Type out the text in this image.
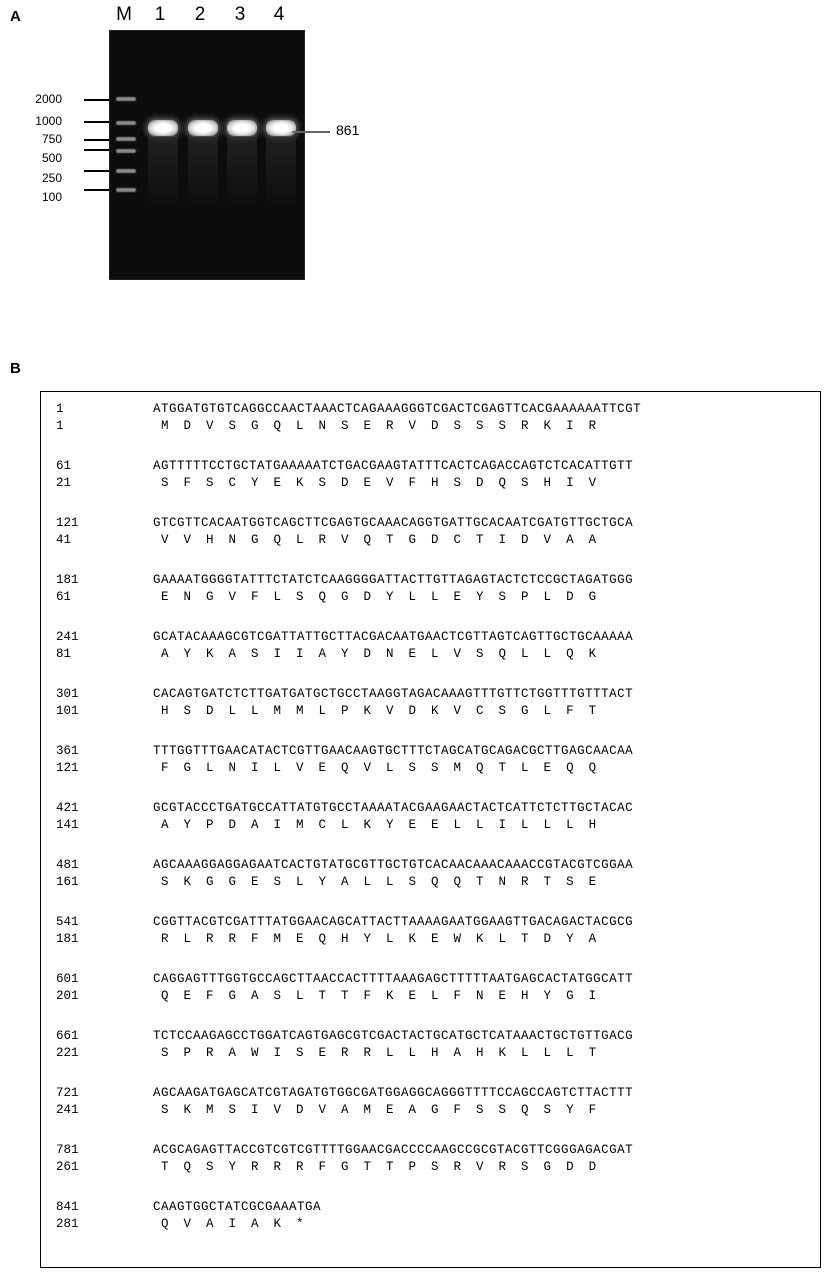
A	M	1	2	3	4
2000
1000
750
500
250
100
861
B
1	ATGGATGTGTCAGGCCAACTAAACTCAGAAAGGGTCGACTCGAGTTCACGAAAAAATTCGT
1	M  D  V  S  G  Q  L  N  S  E  R  V  D  S  S  S  R  K  I  R
61	AGTTTTTCCTGCTATGAAAAATCTGACGAAGTATTTCACTCAGACCAGTCTCACATTGTT
21	S  F  S  C  Y  E  K  S  D  E  V  F  H  S  D  Q  S  H  I  V
121	GTCGTTCACAATGGTCAGCTTCGAGTGCAAACAGGTGATTGCACAATCGATGTTGCTGCA
41	V  V  H  N  G  Q  L  R  V  Q  T  G  D  C  T  I  D  V  A  A
181	GAAAATGGGGTATTTCTATCTCAAGGGGATTACTTGTTAGAGTACTCTCCGCTAGATGGG
61	E  N  G  V  F  L  S  Q  G  D  Y  L  L  E  Y  S  P  L  D  G
241	GCATACAAAGCGTCGATTATTGCTTACGACAATGAACTCGTTAGTCAGTTGCTGCAAAAA
81	A  Y  K  A  S  I  I  A  Y  D  N  E  L  V  S  Q  L  L  Q  K
301	CACAGTGATCTCTTGATGATGCTGCCTAAGGTAGACAAAGTTTGTTCTGGTTTGTTTACT
101	H  S  D  L  L  M  M  L  P  K  V  D  K  V  C  S  G  L  F  T
361	TTTGGTTTGAACATACTCGTTGAACAAGTGCTTTCTAGCATGCAGACGCTTGAGCAACAA
121	F  G  L  N  I  L  V  E  Q  V  L  S  S  M  Q  T  L  E  Q  Q
421	GCGTACCCTGATGCCATTATGTGCCTAAAATACGAAGAACTACTCATTCTCTTGCTACAC
141	A  Y  P  D  A  I  M  C  L  K  Y  E  E  L  L  I  L  L  L  H
481	AGCAAAGGAGGAGAATCACTGTATGCGTTGCTGTCACAACAAACAAACCGTACGTCGGAA
161	S  K  G  G  E  S  L  Y  A  L  L  S  Q  Q  T  N  R  T  S  E
541	CGGTTACGTCGATTTATGGAACAGCATTACTTAAAAGAATGGAAGTTGACAGACTACGCG
181	R  L  R  R  F  M  E  Q  H  Y  L  K  E  W  K  L  T  D  Y  A
601	CAGGAGTTTGGTGCCAGCTTAACCACTTTTAAAGAGCTTTTTAATGAGCACTATGGCATT
201	Q  E  F  G  A  S  L  T  T  F  K  E  L  F  N  E  H  Y  G  I
661	TCTCCAAGAGCCTGGATCAGTGAGCGTCGACTACTGCATGCTCATAAACTGCTGTTGACG
221	S  P  R  A  W  I  S  E  R  R  L  L  H  A  H  K  L  L  L  T
721	AGCAAGATGAGCATCGTAGATGTGGCGATGGAGGCAGGGTTTTCCAGCCAGTCTTACTTT
241	S  K  M  S  I  V  D  V  A  M  E  A  G  F  S  S  Q  S  Y  F
781	ACGCAGAGTTACCGTCGTCGTTTTGGAACGACCCCAAGCCGCGTACGTTCGGGAGACGAT
261	T  Q  S  Y  R  R  R  F  G  T  T  P  S  R  V  R  S  G  D  D
841	CAAGTGGCTATCGCGAAATGA
281	Q  V  A  I  A  K  *
